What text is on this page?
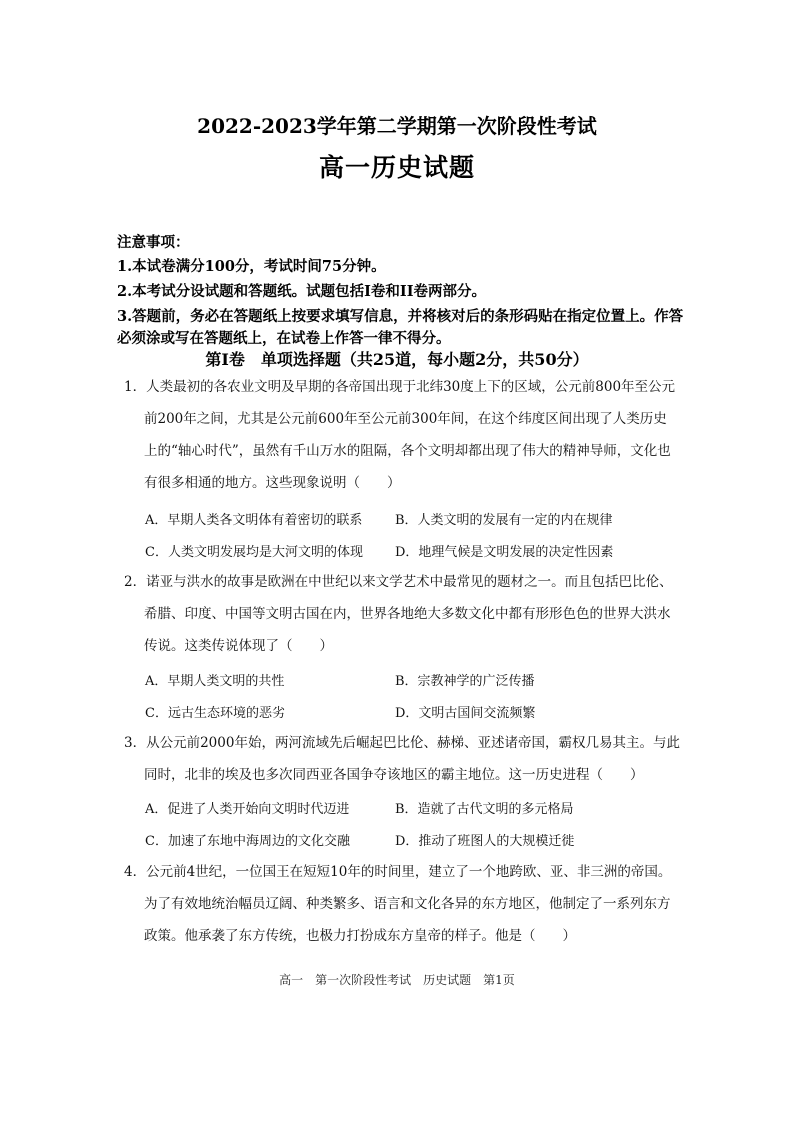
2022-2023学年第二学期第一次阶段性考试
高一历史试题
注意事项：
1.本试卷满分100分，考试时间75分钟。
2.本考试分设试题和答题纸。试题包括I卷和II卷两部分。
3.答题前，务必在答题纸上按要求填写信息，并将核对后的条形码贴在指定位置上。作答必须涂或写在答题纸上，在试卷上作答一律不得分。
第Ⅰ卷　单项选择题（共25道，每小题2分，共50分）
1．人类最初的各农业文明及早期的各帝国出现于北纬30度上下的区域，公元前800年至公元
前200年之间，尤其是公元前600年至公元前300年间，在这个纬度区间出现了人类历史
上的“轴心时代”，虽然有千山万水的阻隔，各个文明却都出现了伟大的精神导师，文化也
有很多相通的地方。这些现象说明（　　）
A．早期人类各文明体有着密切的联系	B．人类文明的发展有一定的内在规律
C．人类文明发展均是大河文明的体现 D．地理气候是文明发展的决定性因素
2．诺亚与洪水的故事是欧洲在中世纪以来文学艺术中最常见的题材之一。而且包括巴比伦、
希腊、印度、中国等文明古国在内，世界各地绝大多数文化中都有形形色色的世界大洪水
传说。这类传说体现了（　　）
A．早期人类文明的共性	B．宗教神学的广泛传播
C．远古生态环境的恶劣	D．文明古国间交流频繁
3．从公元前2000年始，两河流域先后崛起巴比伦、赫梯、亚述诸帝国，霸权几易其主。与此
同时，北非的埃及也多次同西亚各国争夺该地区的霸主地位。这一历史进程（　　）
A．促进了人类开始向文明时代迈进	B．造就了古代文明的多元格局
C．加速了东地中海周边的文化交融	D．推动了班图人的大规模迁徙
4．公元前4世纪，一位国王在短短10年的时间里，建立了一个地跨欧、亚、非三洲的帝国。
为了有效地统治幅员辽阔、种类繁多、语言和文化各异的东方地区，他制定了一系列东方
政策。他承袭了东方传统，也极力打扮成东方皇帝的样子。他是（　　）
高一　第一次阶段性考试　历史试题　第1页
